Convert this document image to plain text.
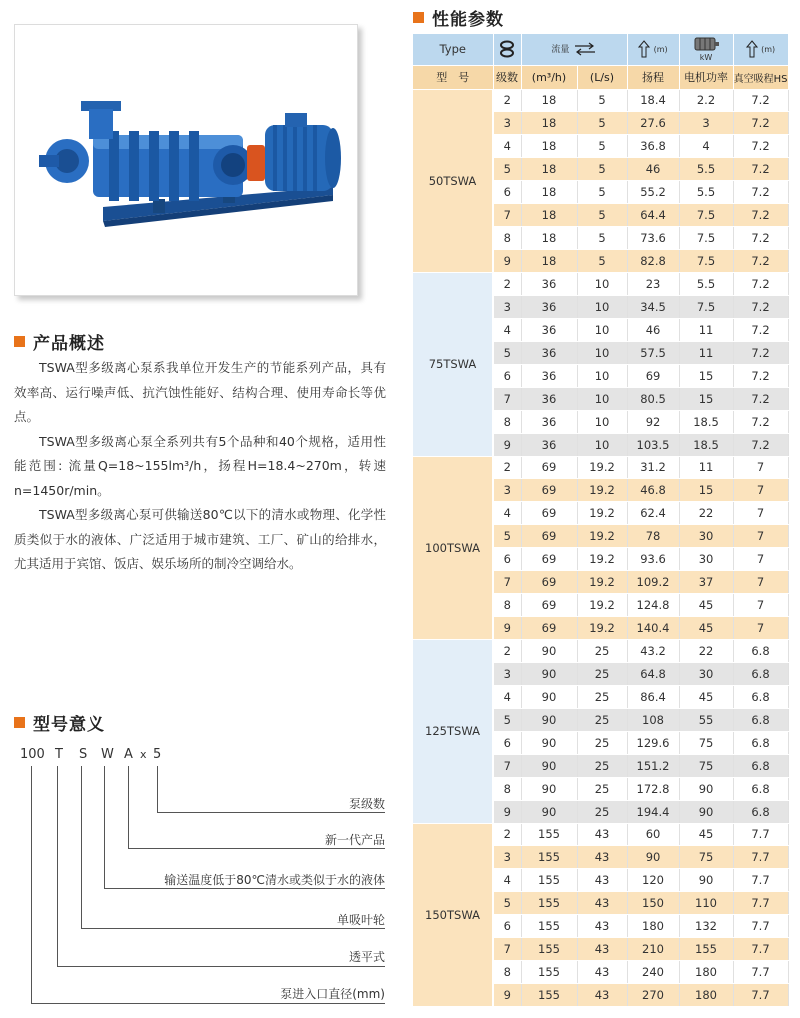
产品概述

TSWA型多级离心泵系我单位开发生产的节能系列产品，具有效率高、运行噪声低、抗汽蚀性能好、结构合理、使用寿命长等优点。

TSWA型多级离心泵全系列共有5个品种和40个规格，适用性能范围: 流量Q=18~155lm³/h，扬程H=18.4~270m，转速n=1450r/min。

TSWA型多级离心泵可供输送80℃以下的清水或物理、化学性质类似于水的液体、广泛适用于城市建筑、工厂、矿山的给排水，尤其适用于宾馆、饭店、娱乐场所的制冷空调给水。

型号意义
100 T S W A x 5
泵级数
新一代产品
输送温度低于80℃清水或类似于水的液体
单吸叶轮
透平式
泵进入口直径(mm)
性能参数
Type		流量		(m)	kW	(m)
型　号	级数	(m³/h)	(L/s)	扬程	电机功率	真空吸程HS
50TSWA	2	18	5	18.4	2.2	7.2
	3	18	5	27.6	3	7.2
	4	18	5	36.8	4	7.2
	5	18	5	46	5.5	7.2
	6	18	5	55.2	5.5	7.2
	7	18	5	64.4	7.5	7.2
	8	18	5	73.6	7.5	7.2
	9	18	5	82.8	7.5	7.2
75TSWA	2	36	10	23	5.5	7.2
	3	36	10	34.5	7.5	7.2
	4	36	10	46	11	7.2
	5	36	10	57.5	11	7.2
	6	36	10	69	15	7.2
	7	36	10	80.5	15	7.2
	8	36	10	92	18.5	7.2
	9	36	10	103.5	18.5	7.2
100TSWA	2	69	19.2	31.2	11	7
	3	69	19.2	46.8	15	7
	4	69	19.2	62.4	22	7
	5	69	19.2	78	30	7
	6	69	19.2	93.6	30	7
	7	69	19.2	109.2	37	7
	8	69	19.2	124.8	45	7
	9	69	19.2	140.4	45	7
125TSWA	2	90	25	43.2	22	6.8
	3	90	25	64.8	30	6.8
	4	90	25	86.4	45	6.8
	5	90	25	108	55	6.8
	6	90	25	129.6	75	6.8
	7	90	25	151.2	75	6.8
	8	90	25	172.8	90	6.8
	9	90	25	194.4	90	6.8
150TSWA	2	155	43	60	45	7.7
	3	155	43	90	75	7.7
	4	155	43	120	90	7.7
	5	155	43	150	110	7.7
	6	155	43	180	132	7.7
	7	155	43	210	155	7.7
	8	155	43	240	180	7.7
	9	155	43	270	180	7.7
